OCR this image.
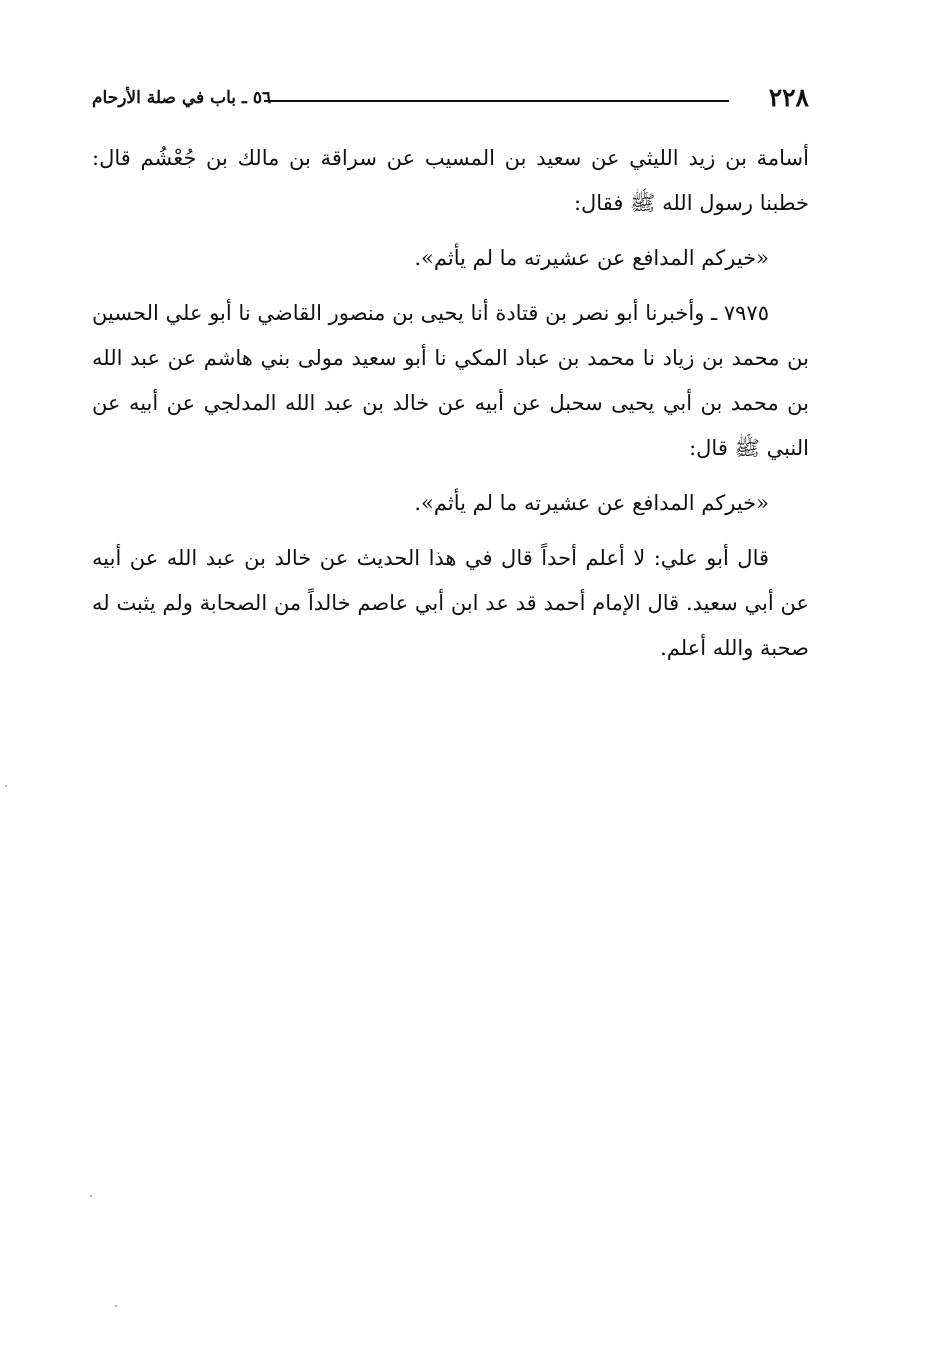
٢٢٨
٥٦ ـ باب في صلة الأرحام

أسامة بن زيد الليثي عن سعيد بن المسيب عن سراقة بن مالك بن جُعْشُم قال: خطبنا رسول الله ﷺ فقال:

«خيركم المدافع عن عشيرته ما لم يأثم».

٧٩٧٥ ـ وأخبرنا أبو نصر بن قتادة أنا يحيى بن منصور القاضي نا أبو علي الحسين بن محمد بن زياد نا محمد بن عباد المكي نا أبو سعيد مولى بني هاشم عن عبد الله بن محمد بن أبي يحيى سحبل عن أبيه عن خالد بن عبد الله المدلجي عن أبيه عن النبي ﷺ قال:

«خيركم المدافع عن عشيرته ما لم يأثم».

قال أبو علي: لا أعلم أحداً قال في هذا الحديث عن خالد بن عبد الله عن أبيه عن أبي سعيد. قال الإمام أحمد قد عد ابن أبي عاصم خالداً من الصحابة ولم يثبت له صحبة والله أعلم.
